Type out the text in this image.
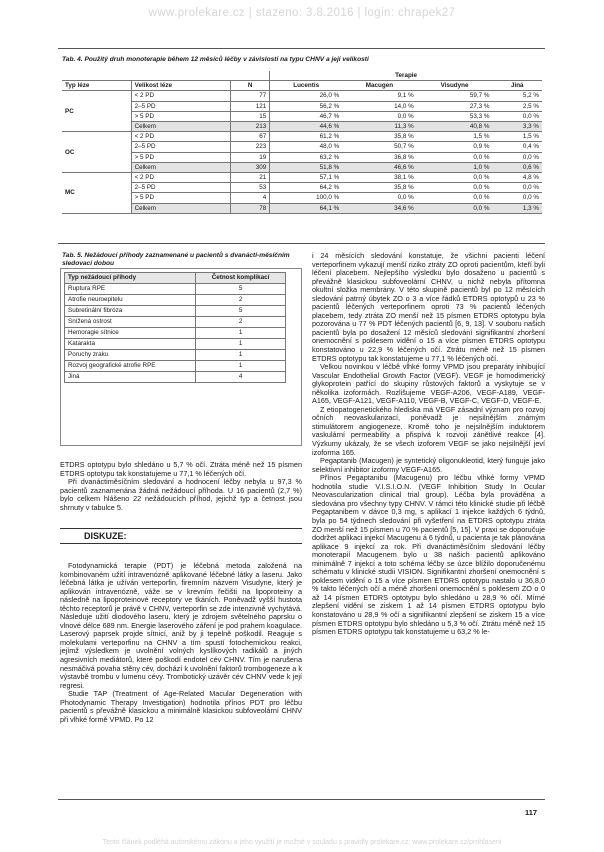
www.prolekare.cz | stazeno: 3.8.2016 | login: chrapek27
Tab. 4. Použitý druh monoterapie během 12 měsíců léčby v závislosti na typu CHNV a její velikosti
			Terapie			
Typ léze	Velikost léze	N	Lucentis	Macugen	Visudyne	Jiná
PC	< 2 PD	77	26,0 %	9,1 %	59,7 %	5,2 %
	2–5 PD	121	56,2 %	14,0 %	27,3 %	2,5 %
	> 5 PD	15	46,7 %	0,0 %	53,3 %	0,0 %
	Celkem	213	44,6 %	11,3 %	40,8 %	3,3 %
OC	< 2 PD	67	61,2 %	35,8 %	1,5 %	1,5 %
	2–5 PD	223	48,0 %	50,7 %	0,9 %	0,4 %
	> 5 PD	19	63,2 %	36,8 %	0,0 %	0,0 %
	Celkem	309	51,8 %	46,6 %	1,0 %	0,6 %
MC	< 2 PD	21	57,1 %	38,1 %	0,0 %	4,8 %
	2–5 PD	53	64,2 %	35,8 %	0,0 %	0,0 %
	> 5 PD	4	100,0 %	0,0 %	0,0 %	0,0 %
	Celkem	78	64,1 %	34,6 %	0,0 %	1,3 %
Tab. 5. Nežádoucí příhody zaznamenané u pacientů s dvanácti-měsíčním sledovací dobou
Typ nežádoucí příhody	Četnost komplikací
Ruptura RPE	5
Atrofie neuroepitelu	2
Subretinální fibróza	5
Snížená ostrost	2
Hemoragie sítnice	1
Katarakta	1
Poruchy zraku	1
Rozvoj geografické atrofie RPE	1
Jiná	4

ETDRS optotypu bylo shledáno u 5,7 % očí. Ztráta méně než 15 písmen ETDRS optotypu tak konstatujeme u 77,1 % léčených očí.

Při dvanáctiměsíčním sledování a hodnocení léčby nebyla u 97,3 % pacientů zaznamenána žádná nežádoucí příhoda. U 16 pacientů (2,7 %) bylo celkem hlášeno 22 nežádoucích příhod, jejichž typ a četnost jsou shrnuty v tabulce 5.

DISKUZE:

Fotodynamická terapie (PDT) je léčebná metoda založená na kombinovaném užití intravenózně aplikované léčebné látky a laseru. Jako léčebná látka je užíván verteporfin, firemním názvem Visudyne, který je aplikován intravenózně, váže se v krevním řečišti na lipoproteiny a následně na lipoproteinové receptory ve tkáních. Poněvadž vyšší hustota těchto receptorů je právě v CHNV, verteporfin se zde intenzivně vychytává. Následuje užití diodového laseru, který je zdrojem světelného paprsku o vlnové délce 689 nm. Energie laserového záření je pod prahem koagulace. Laserový paprsek projde sítnicí, aniž by ji tepelně poškodil. Reaguje s molekulami verteporfinu na CHNV a tím spustí fotochemickou reakci, jejímž výsledkem je uvolnění volných kyslíkových radikálů a jiných agresivních mediátorů, které poškodí endotel cév CHNV. Tím je narušena nesmáčivá povaha stěny cév, dochází k uvolnění faktorů trombogeneze a k výstavbě trombu v lumenu cévy. Trombotický uzávěr cév CHNV vede k její regresi.

Studie TAP (Treatment of Age-Related Macular Degeneration with Photodynamic Therapy Investigation) hodnotila přínos PDT pro léčbu pacientů s převážně klasickou a minimálně klasickou subfoveolární CHNV při vlhké formě VPMD. Po 12

i 24 měsících sledování konstatuje, že všichni pacienti léčení verteporfinem vykazují menší riziko ztráty ZO oproti pacientům, kteří byli léčení placebem. Nejlepšího výsledku bylo dosaženo u pacientů s převážně klasickou subfoveolární CHNV, u nichž nebyla přítomna okultní složka membrány. V této skupině pacientů byl po 12 měsících sledování patrný úbytek ZO o 3 a více řádků ETDRS optotypů u 23 % pacientů léčených verteporfinem oproti 73 % pacientů léčených placebem, tedy ztráta ZO menší než 15 písmen ETDRS optotypu byla pozorována u 77 % PDT léčených pacientů [6, 9, 13]. V souboru našich pacientů byla po dosažení 12 měsíců sledování signifikantní zhoršení onemocnění s poklesem vidění o 15 a více písmen ETDRS optotypu konstatováno u 22,9 % léčených očí. Ztrátu méně než 15 písmen ETDRS optotypu tak konstatujeme u 77,1 % léčených očí.

Velkou novinkou v léčbě vlhké formy VPMD jsou preparáty inhibující Vascular Endothelial Growth Factor (VEGF). VEGF je homodimerický glykoprotein patřící do skupiny růstových faktorů a vyskytuje se v několika izoformách. Rozlišujeme VEGF-A206, VEGF-A189, VEGF-A165, VEGF-A121, VEGF-A110, VEGF-B, VEGF-C, VEGF-D, VEGF-E.

Z etiopatogenetického hlediska má VEGF zásadní význam pro rozvoj očních neovaskularizací, poněvadž je nejsilnějším známým stimulátorem angiogeneze. Kromě toho je nejsilnějším induktorem vaskulární permeability a přispívá k rozvoji zánětlivé reakce [4]. Výzkumy ukázaly, že se všech izoforem VEGF se jako nejsilnější jeví izoforma 165.

Pegaptanib (Macugen) je syntetický oligonukleotid, který funguje jako selektivní inhibitor izoformy VEGF-A165.

Přínos Pegaptanibu (Macugenu) pro léčbu vlhké formy VPMD hodnotila studie V.I.S.I.O.N. (VEGF Inhibition Study In Ocular Neovascularization clinical trial group). Léčba byla prováděna a sledována pro všechny typy CHNV. V rámci této klinické studie při léčbě Pegaptanibem v dávce 0,3 mg, s aplikací 1 injekce každých 6 týdnů, byla po 54 týdnech sledování při vyšetření na ETDRS optotypu ztráta ZO menší než 15 písmen u 70 % pacientů [5, 15]. V praxi se doporučuje dodržet aplikaci injekcí Macugenu á 6 týdnů, u pacienta je tak plánována aplikace 9 injekcí za rok. Při dvanáctiměsíčním sledování léčby monoterapií Macugenem bylo u 38 našich pacientů aplikováno minimálně 7 injekcí a toto schéma léčby se úzce blížilo doporučenému schématu v klinické studii VISION. Signifikantní zhoršení onemocnění s poklesem vidění o 15 a více písmen ETDRS optotypu nastalo u 36,8,0 % takto léčených očí a méně zhoršení onemocnění s poklesem ZO o 0 až 14 písmen ETDRS optotypu bylo shledáno u 28,9 % očí. Mírné zlepšení vidění se ziskem 1 až 14 písmen ETDRS optotypu bylo konstatováno u 28,9 % očí a signifikantní zlepšení se ziskem 15 a více písmen ETDRS optotypu bylo shledáno u 5,3 % očí. Ztrátu méně než 15 písmen ETDRS optotypu tak konstatujeme u 63,2 % le-

117
Tento článek podléhá autorskému zákonu a jeho využití je možné v souladu s pravidly prolekare.cz: www.prolekare.cz/prohlaseni
